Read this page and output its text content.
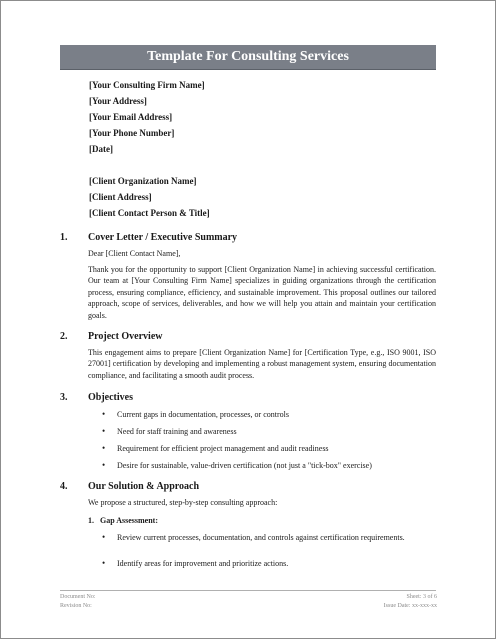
Template For Consulting Services
[Your Consulting Firm Name]
[Your Address]
[Your Email Address]
[Your Phone Number]
[Date]
[Client Organization Name]
[Client Address]
[Client Contact Person & Title]
1. Cover Letter / Executive Summary
Dear [Client Contact Name],
Thank you for the opportunity to support [Client Organization Name] in achieving successful certification. Our team at [Your Consulting Firm Name] specializes in guiding organizations through the certification process, ensuring compliance, efficiency, and sustainable improvement. This proposal outlines our tailored approach, scope of services, deliverables, and how we will help you attain and maintain your certification goals.
2. Project Overview
This engagement aims to prepare [Client Organization Name] for [Certification Type, e.g., ISO 9001, ISO 27001] certification by developing and implementing a robust management system, ensuring documentation compliance, and facilitating a smooth audit process.
3. Objectives
• Current gaps in documentation, processes, or controls
• Need for staff training and awareness
• Requirement for efficient project management and audit readiness
• Desire for sustainable, value-driven certification (not just a "tick-box" exercise)
4. Our Solution & Approach
We propose a structured, step-by-step consulting approach:
1. Gap Assessment:
• Review current processes, documentation, and controls against certification requirements.
• Identify areas for improvement and prioritize actions.
Document No:
Revision No:
Sheet: 3 of 6
Issue Date: xx-xxx-xx
